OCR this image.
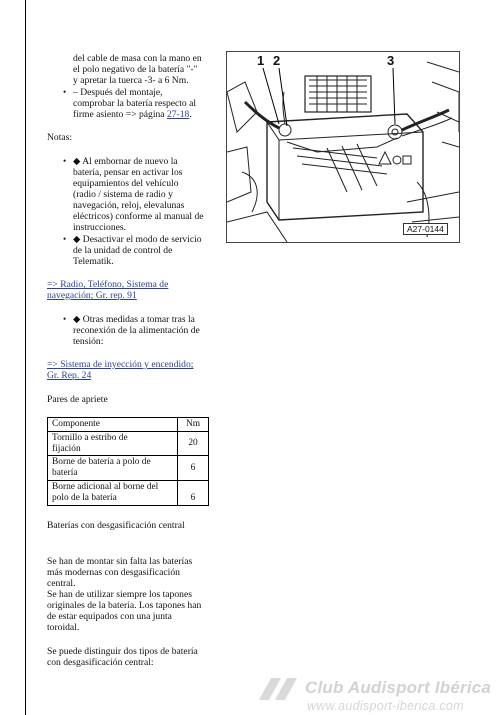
del cable de masa con la mano en
el polo negativo de la batería "-"
y apretar la tuerca -3- a 6 Nm.
• – Después del montaje,
comprobar la batería respecto al
firme asiento => página 27-18.
Notas:
• ◆ Al embornar de nuevo la
batería, pensar en activar los
equipamientos del vehículo
(radio / sistema de radio y
navegación, reloj, elevalunas
eléctricos) conforme al manual de
instrucciones.
• ◆ Desactivar el modo de servicio
de la unidad de control de
Telematik.
=> Radio, Teléfono, Sistema de
navegación; Gr. rep. 91
• ◆ Otras medidas a tomar tras la
reconexión de la alimentación de
tensión:
=> Sistema de inyección y encendido;
Gr. Rep. 24
Pares de apriete
Componente	Nm
Tornillo a estribo de
fijación	20
Borne de batería a polo de
batería	6
Borne adicional al borne del
polo de la batería	6
Baterías con desgasificación central
Se han de montar sin falta las baterías
más modernas con desgasificación
central.
Se han de utilizar siempre los tapones
originales de la batería. Los tapones han
de estar equipados con una junta
toroidal.
Se puede distinguir dos tipos de batería
con desgasificación central:
1 2	3
A27-0144
Club Audisport Ibérica
www.audisport-iberica.com
